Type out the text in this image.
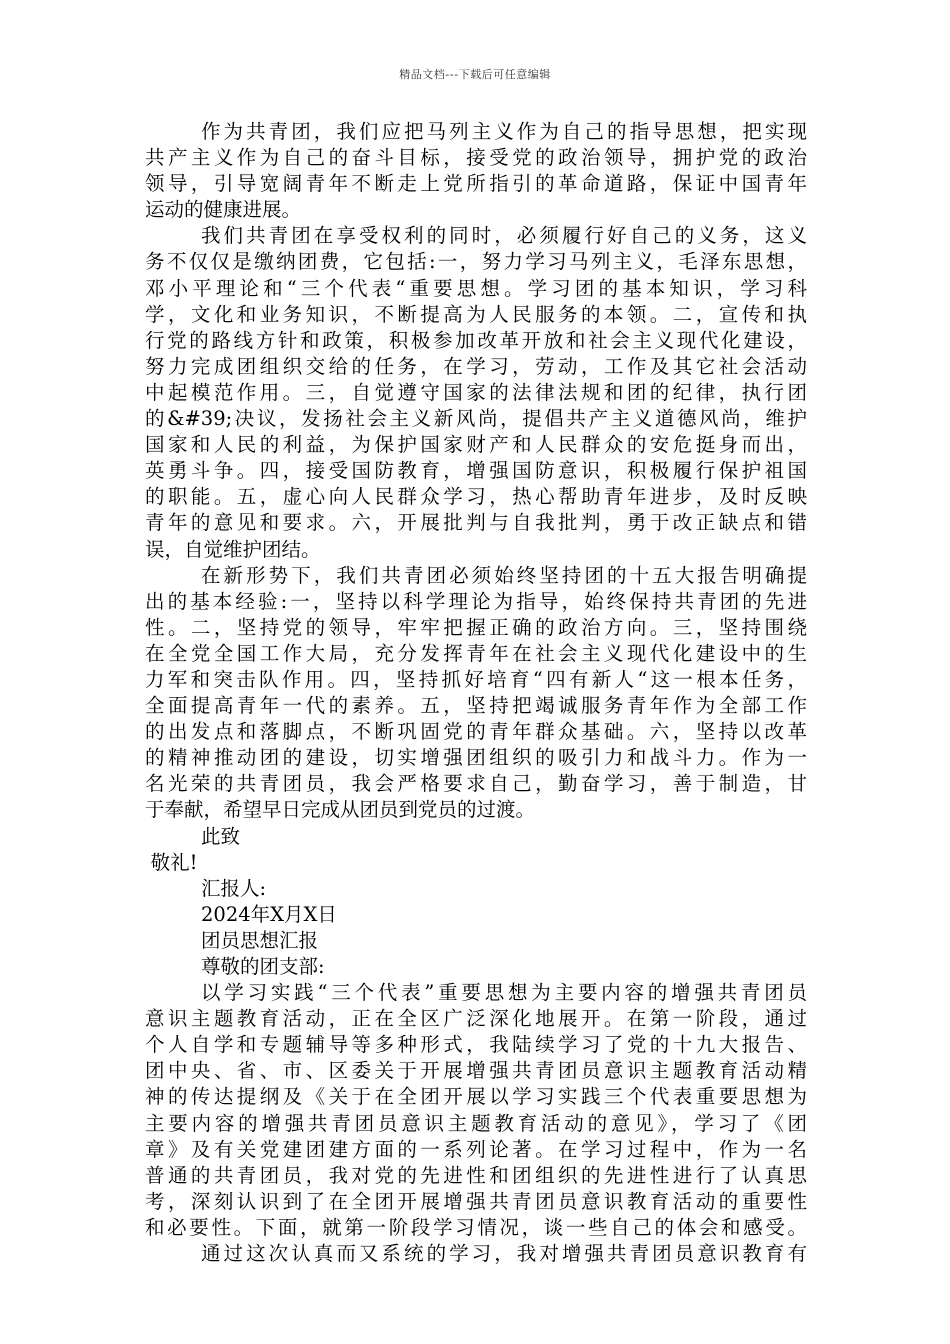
精品文档---下载后可任意编辑
作为共青团，我们应把马列主义作为自己的指导思想，把实现
共产主义作为自己的奋斗目标，接受党的政治领导，拥护党的政治
领导，引导宽阔青年不断走上党所指引的革命道路，保证中国青年
运动的健康进展。
我们共青团在享受权利的同时，必须履行好自己的义务，这义
务不仅仅是缴纳团费，它包括:一，努力学习马列主义，毛泽东思想，
邓小平理论和“三个代表“重要思想。学习团的基本知识，学习科
学，文化和业务知识，不断提高为人民服务的本领。二，宣传和执
行党的路线方针和政策，积极参加改革开放和社会主义现代化建设，
努力完成团组织交给的任务，在学习，劳动，工作及其它社会活动
中起模范作用。三，自觉遵守国家的法律法规和团的纪律，执行团
的&#39;决议，发扬社会主义新风尚，提倡共产主义道德风尚，维护
国家和人民的利益，为保护国家财产和人民群众的安危挺身而出，
英勇斗争。四，接受国防教育，增强国防意识，积极履行保护祖国
的职能。五，虚心向人民群众学习，热心帮助青年进步，及时反映
青年的意见和要求。六，开展批判与自我批判，勇于改正缺点和错
误，自觉维护团结。
在新形势下，我们共青团必须始终坚持团的十五大报告明确提
出的基本经验:一，坚持以科学理论为指导，始终保持共青团的先进
性。二，坚持党的领导，牢牢把握正确的政治方向。三，坚持围绕
在全党全国工作大局，充分发挥青年在社会主义现代化建设中的生
力军和突击队作用。四，坚持抓好培育“四有新人“这一根本任务，
全面提高青年一代的素养。五，坚持把竭诚服务青年作为全部工作
的出发点和落脚点，不断巩固党的青年群众基础。六，坚持以改革
的精神推动团的建设，切实增强团组织的吸引力和战斗力。作为一
名光荣的共青团员，我会严格要求自己，勤奋学习，善于制造，甘
于奉献，希望早日完成从团员到党员的过渡。
此致
敬礼!
汇报人:
2024年X月X日
团员思想汇报
尊敬的团支部:
以学习实践“三个代表”重要思想为主要内容的增强共青团员
意识主题教育活动，正在全区广泛深化地展开。在第一阶段，通过
个人自学和专题辅导等多种形式，我陆续学习了党的十九大报告、
团中央、省、市、区委关于开展增强共青团员意识主题教育活动精
神的传达提纲及《关于在全团开展以学习实践三个代表重要思想为
主要内容的增强共青团员意识主题教育活动的意见》，学习了《团
章》及有关党建团建方面的一系列论著。在学习过程中，作为一名
普通的共青团员，我对党的先进性和团组织的先进性进行了认真思
考，深刻认识到了在全团开展增强共青团员意识教育活动的重要性
和必要性。下面，就第一阶段学习情况，谈一些自己的体会和感受。
通过这次认真而又系统的学习，我对增强共青团员意识教育有
